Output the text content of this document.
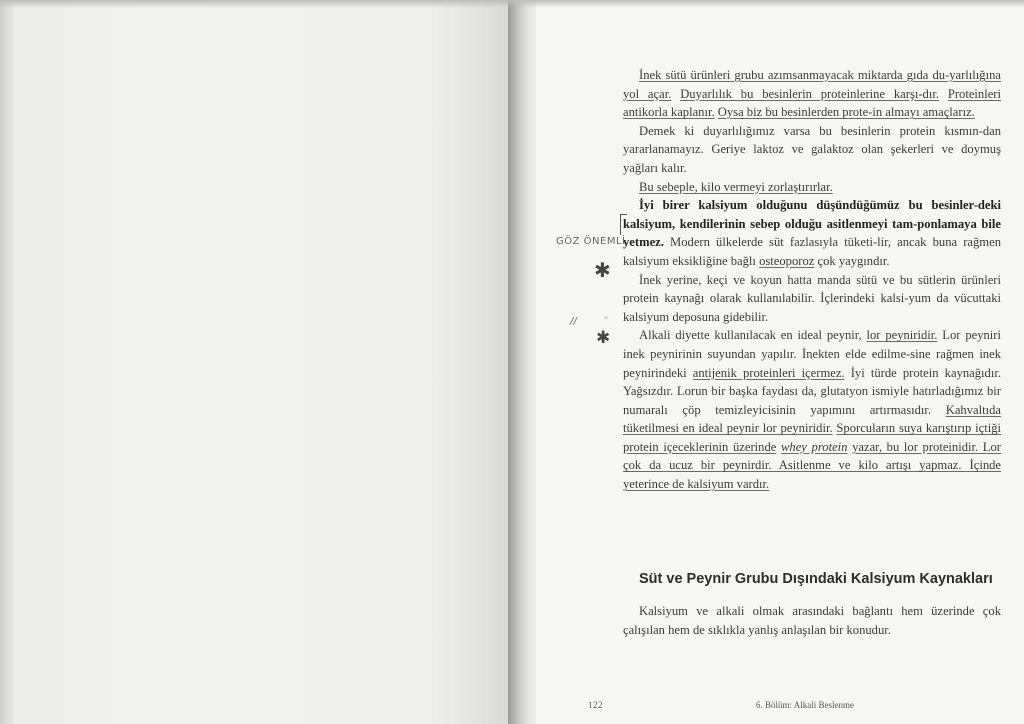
İnek sütü ürünleri grubu azımsanmayacak miktarda gıda du-yarlılığına yol açar. Duyarlılık bu besinlerin proteinlerine karşı-dır. Proteinleri antikorla kaplanır. Oysa biz bu besinlerden prote-in almayı amaçlarız.

Demek ki duyarlılığımız varsa bu besinlerin protein kısmın-dan yararlanamayız. Geriye laktoz ve galaktoz olan şekerleri ve doymuş yağları kalır.

Bu sebeple, kilo vermeyi zorlaştırırlar.

İyi birer kalsiyum olduğunu düşündüğümüz bu besinler-deki kalsiyum, kendilerinin sebep olduğu asitlenmeyi tam-ponlamaya bile yetmez. Modern ülkelerde süt fazlasıyla tüketi-lir, ancak buna rağmen kalsiyum eksikliğine bağlı osteoporoz çok yaygındır.

İnek yerine, keçi ve koyun hatta manda sütü ve bu sütlerin ürünleri protein kaynağı olarak kullanılabilir. İçlerindeki kalsi-yum da vücuttaki kalsiyum deposuna gidebilir.

Alkali diyette kullanılacak en ideal peynir, lor peyniridir. Lor peyniri inek peynirinin suyundan yapılır. İnekten elde edilme-sine rağmen inek peynirindeki antijenik proteinleri içermez. İyi türde protein kaynağıdır. Yağsızdır. Lorun bir başka faydası da, glutatyon ismiyle hatırladığımız bir numaralı çöp temizleyicisinin yapımını artırmasıdır. Kahvaltıda tüketilmesi en ideal peynir lor peyniridir. Sporcuların suya karıştırıp içtiği protein içeceklerinin üzerinde whey protein yazar, bu lor proteinidir. Lor çok da ucuz bir peynirdir. Asitlenme ve kilo artışı yapmaz. İçinde yeterince de kalsiyum vardır.

Süt ve Peynir Grubu Dışındaki Kalsiyum Kaynakları

Kalsiyum ve alkali olmak arasındaki bağlantı hem üzerinde çok çalışılan hem de sıklıkla yanlış anlaşılan bir konudur.

GÖZ ÖNEMLİ
✱
//	"
✱
122	6. Bölüm: Alkali Beslenme
